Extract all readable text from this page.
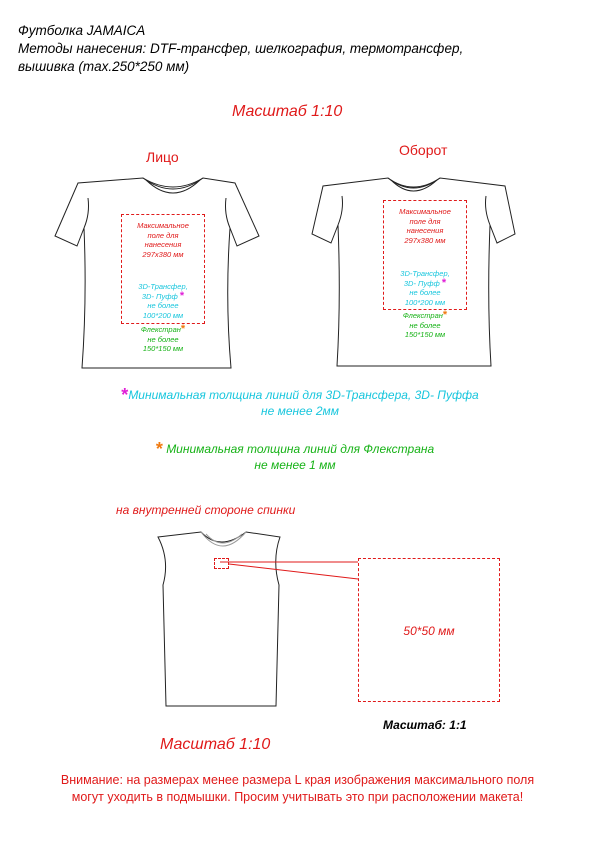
Футболка JAMAICA
Методы нанесения: DTF-трансфер, шелкография, термотрансфер,
вышивка (max.250*250 мм)
Масштаб 1:10
Лицо	Оборот
Максимальное
поле для
нанесения
297х380 мм
3D-Трансфер,
3D- Пуфф *
не более
100*200 мм
Флекстран*
не более
150*150 мм
Максимальное
поле для
нанесения
297х380 мм
3D-Трансфер,
3D- Пуфф *
не более
100*200 мм
Флекстран*
не более
150*150 мм
*Минимальная толщина линий для 3D-Трансфера, 3D- Пуффа
не менее 2мм
* Минимальная толщина линий для Флекстрана
не менее 1 мм
на внутренней стороне спинки
50*50 мм
Масштаб: 1:1
Масштаб 1:10
Внимание: на размерах менее размера L края изображения максимального поля
могут уходить в подмышки. Просим учитывать это при расположении макета!
